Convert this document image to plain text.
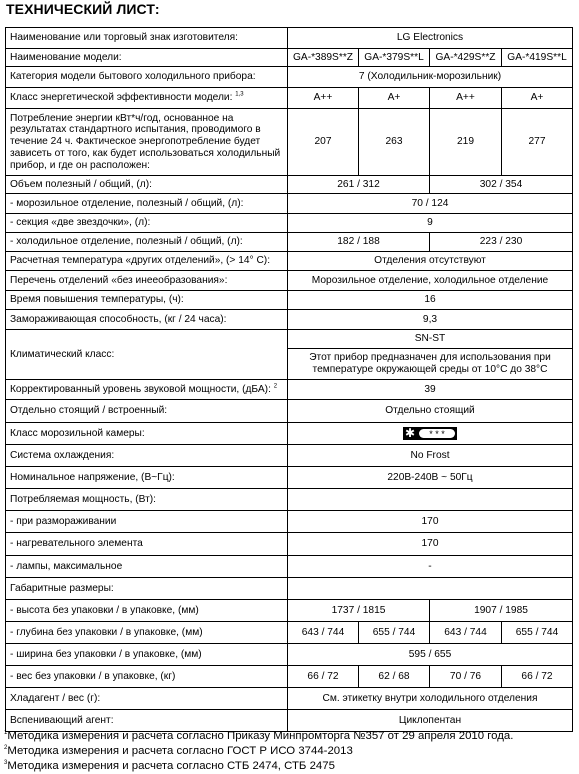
ТЕХНИЧЕСКИЙ ЛИСТ:
Наименование или торговый знак изготовителя:	LG Electronics			
Наименование модели:	GA-*389S**Z	GA-*379S**L	GA-*429S**Z	GA-*419S**L
Категория модели бытового холодильного прибора:	7 (Холодильник-морозильник)			
Класс энергетической эффективности модели: $^{1,3}$	A++	A+	A++	A+
Потребление энергии кВт*ч/год, основанное на результатах стандартного испытания, проводимого в течение 24 ч. Фактическое энергопотребление будет зависеть от того, как будет использоваться холодильный прибор, и где он расположен:	207	263	219	277
Объем полезный / общий, (л):	261 / 312		302 / 354	
- морозильное отделение, полезный / общий, (л):	70 / 124			
- секция «две звездочки», (л):	9			
- холодильное отделение, полезный / общий, (л):	182 / 188		223 / 230	
Расчетная температура «других отделений», (> 14° C):	Отделения отсутствуют			
Перечень отделений «без инееобразования»:	Морозильное отделение, холодильное отделение			
Время повышения температуры, (ч):	16			
Замораживающая способность, (кг / 24 часа):	9,3			
Климатический класс:	SN-ST			
	Этот прибор предназначен для использования при температуре окружающей среды от 10°C до 38°C			
Корректированный уровень звуковой мощности, (дБА): $^2$	39			
Отдельно стоящий / встроенный:	Отдельно стоящий			
Класс морозильной камеры:	✱ * * *			

Система охлаждения:	No Frost			
Номинальное напряжение, (В~Гц):	220В-240В ~ 50Гц			
Потребляемая мощность, (Вт):				
- при размораживании	170			
- нагревательного элемента	170			
- лампы, максимальное	-			
Габаритные размеры:				
- высота без упаковки / в упаковке, (мм)	1737 / 1815		1907 / 1985	
- глубина без упаковки / в упаковке, (мм)	643 / 744	655 / 744	643 / 744	655 / 744
- ширина без упаковки / в упаковке, (мм)	595 / 655			
- вес без упаковки / в упаковке, (кг)	66 / 72	62 / 68	70 / 76	66 / 72
Хладагент / вес (г):	См. этикетку внутри холодильного отделения			
Вспенивающий агент:	Циклопентан			
$^1$Методика измерения и расчета согласно Приказу Минпромторга №357 от 29 апреля 2010 года.
$^2$Методика измерения и расчета согласно ГОСТ Р ИСО 3744-2013
$^3$Методика измерения и расчета согласно СТБ 2474, СТБ 2475
